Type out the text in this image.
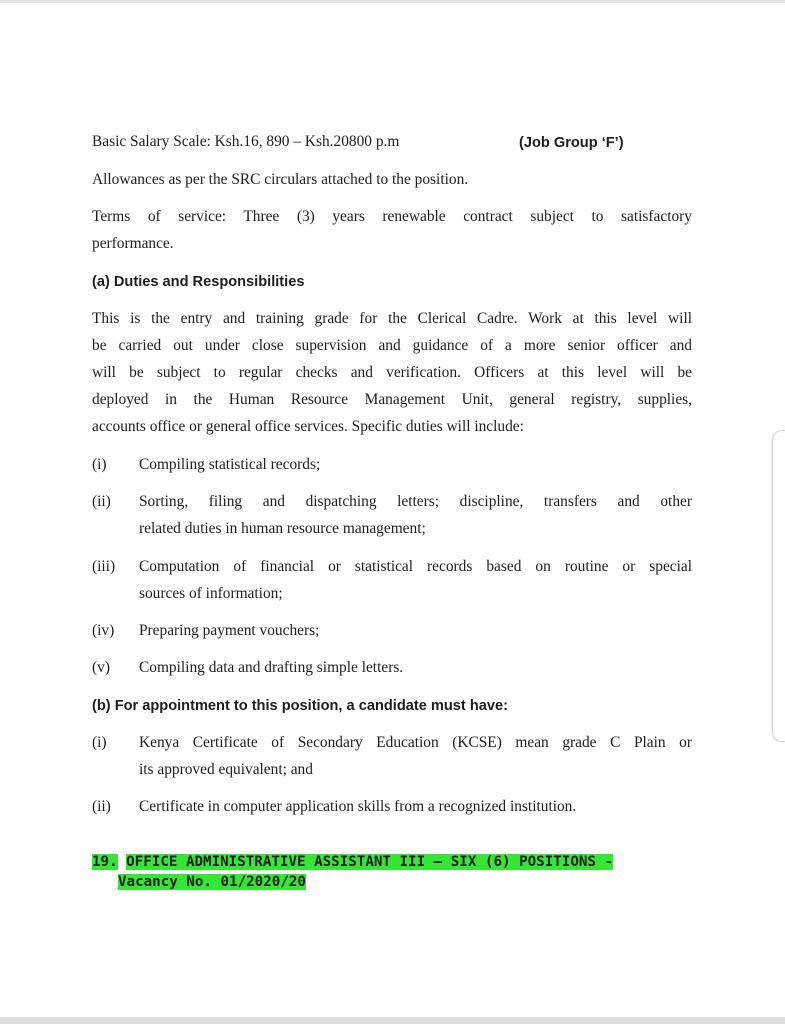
Basic Salary Scale: Ksh.16, 890 – Ksh.20800 p.m	(Job Group ‘F’)
Allowances as per the SRC circulars attached to the position.
Terms of service: Three (3) years renewable contract subject to satisfactory
performance.
(a) Duties and Responsibilities
This is the entry and training grade for the Clerical Cadre. Work at this level will
be carried out under close supervision and guidance of a more senior officer and
will be subject to regular checks and verification. Officers at this level will be
deployed in the Human Resource Management Unit, general registry, supplies,
accounts office or general office services. Specific duties will include:
(i) Compiling statistical records;
(ii) Sorting, filing and dispatching letters; discipline, transfers and other
related duties in human resource management;
(iii) Computation of financial or statistical records based on routine or special
sources of information;
(iv) Preparing payment vouchers;
(v) Compiling data and drafting simple letters.
(b) For appointment to this position, a candidate must have:
(i) Kenya Certificate of Secondary Education (KCSE) mean grade C Plain or
its approved equivalent; and
(ii) Certificate in computer application skills from a recognized institution.
19. OFFICE ADMINISTRATIVE ASSISTANT III – SIX (6) POSITIONS -
Vacancy No. 01/2020/20
